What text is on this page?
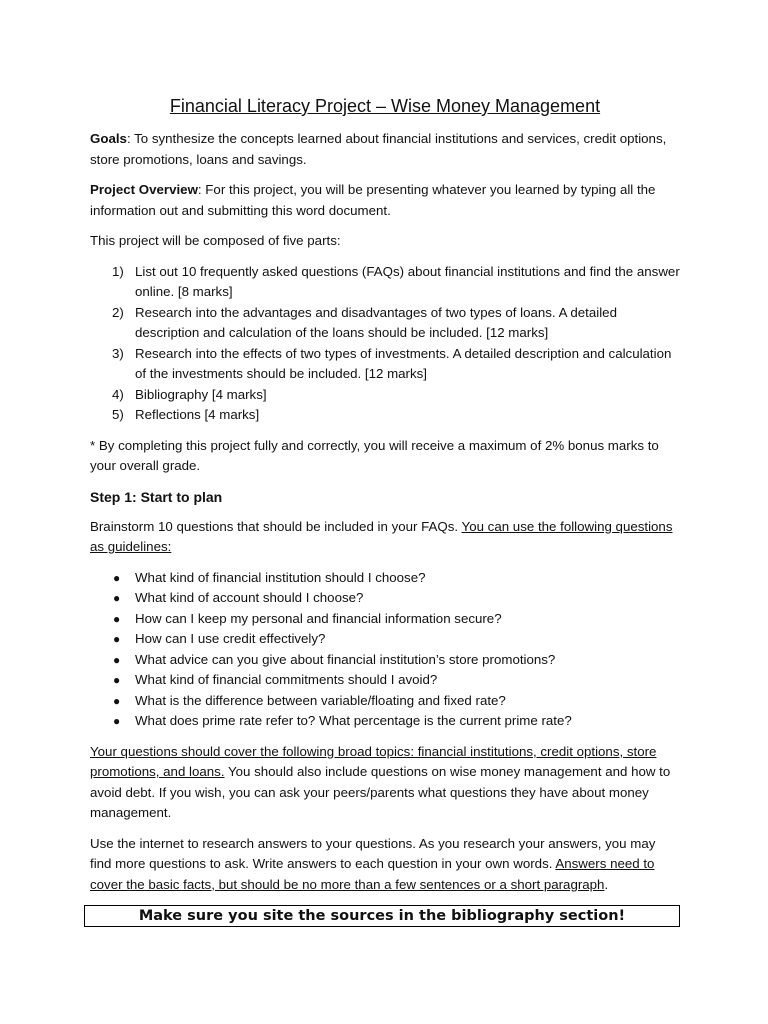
Financial Literacy Project – Wise Money Management

Goals: To synthesize the concepts learned about financial institutions and services, credit options, store promotions, loans and savings.

Project Overview: For this project, you will be presenting whatever you learned by typing all the information out and submitting this word document.

This project will be composed of five parts:

1) List out 10 frequently asked questions (FAQs) about financial institutions and find the answer online. [8 marks]
2) Research into the advantages and disadvantages of two types of loans. A detailed description and calculation of the loans should be included. [12 marks]
3) Research into the effects of two types of investments. A detailed description and calculation of the investments should be included. [12 marks]
4) Bibliography [4 marks]
5) Reflections [4 marks]

* By completing this project fully and correctly, you will receive a maximum of 2% bonus marks to your overall grade.

Step 1: Start to plan

Brainstorm 10 questions that should be included in your FAQs. You can use the following questions as guidelines:

● What kind of financial institution should I choose?
● What kind of account should I choose?
● How can I keep my personal and financial information secure?
● How can I use credit effectively?
● What advice can you give about financial institution’s store promotions?
● What kind of financial commitments should I avoid?
● What is the difference between variable/floating and fixed rate?
● What does prime rate refer to? What percentage is the current prime rate?

Your questions should cover the following broad topics: financial institutions, credit options, store promotions, and loans. You should also include questions on wise money management and how to avoid debt. If you wish, you can ask your peers/parents what questions they have about money management.

Use the internet to research answers to your questions. As you research your answers, you may find more questions to ask. Write answers to each question in your own words. Answers need to cover the basic facts, but should be no more than a few sentences or a short paragraph.

Make sure you site the sources in the bibliography section!
